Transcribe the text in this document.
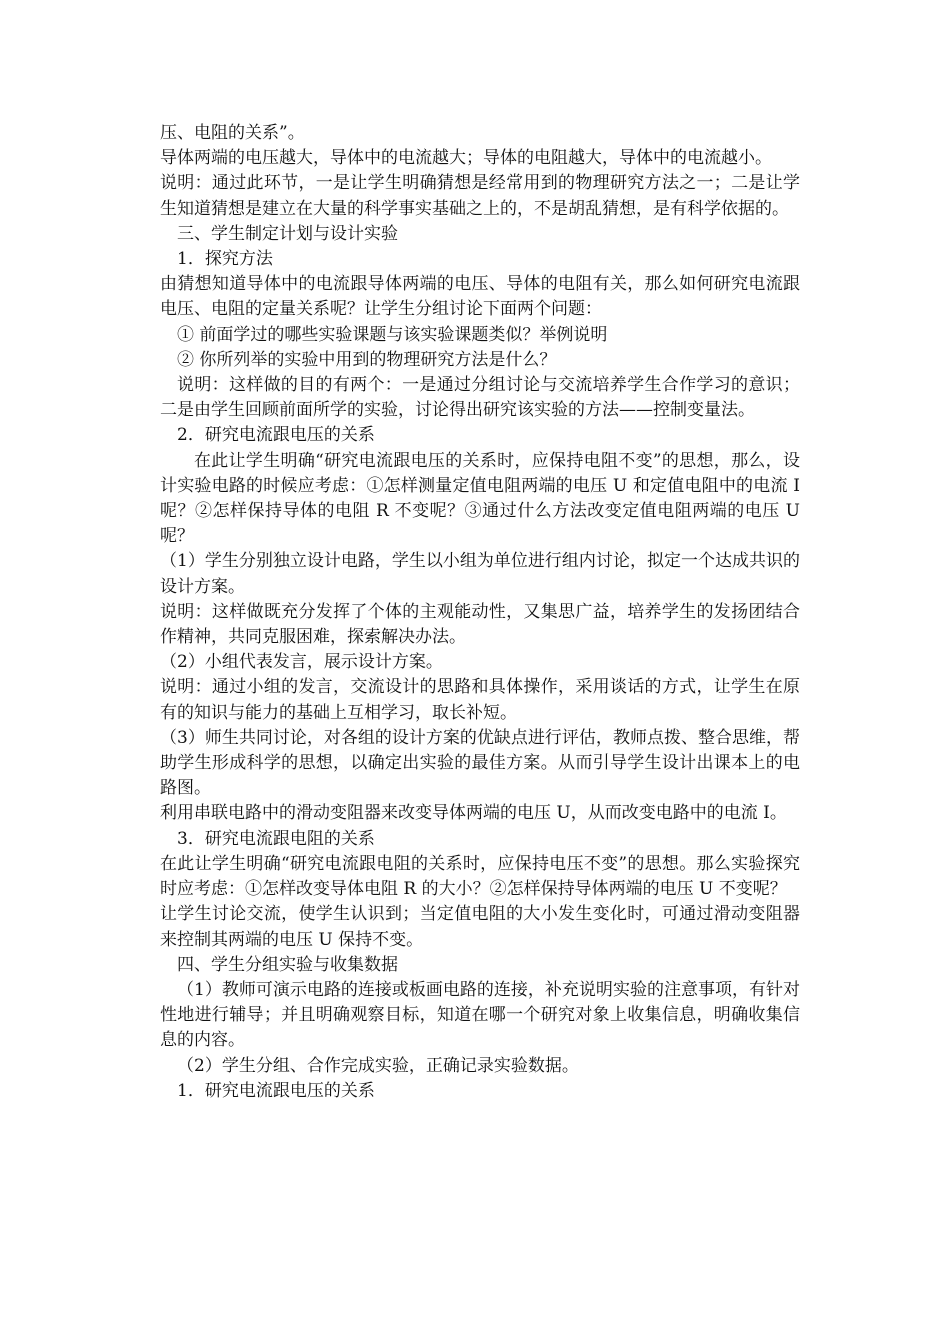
压、电阻的关系”。

导体两端的电压越大，导体中的电流越大；导体的电阻越大，导体中的电流越小。

说明：通过此环节，一是让学生明确猜想是经常用到的物理研究方法之一；二是让学生知道猜想是建立在大量的科学事实基础之上的，不是胡乱猜想，是有科学依据的。

三、学生制定计划与设计实验

1．探究方法

由猜想知道导体中的电流跟导体两端的电压、导体的电阻有关，那么如何研究电流跟电压、电阻的定量关系呢？让学生分组讨论下面两个问题：

① 前面学过的哪些实验课题与该实验课题类似？举例说明

② 你所列举的实验中用到的物理研究方法是什么？

说明：这样做的目的有两个：一是通过分组讨论与交流培养学生合作学习的意识；二是由学生回顾前面所学的实验，讨论得出研究该实验的方法——控制变量法。

2．研究电流跟电压的关系

在此让学生明确“研究电流跟电压的关系时，应保持电阻不变”的思想，那么，设计实验电路的时候应考虑：①怎样测量定值电阻两端的电压 U 和定值电阻中的电流 I 呢？②怎样保持导体的电阻 R 不变呢？③通过什么方法改变定值电阻两端的电压 U 呢？

（1）学生分别独立设计电路，学生以小组为单位进行组内讨论，拟定一个达成共识的设计方案。

说明：这样做既充分发挥了个体的主观能动性，又集思广益，培养学生的发扬团结合作精神，共同克服困难，探索解决办法。

（2）小组代表发言，展示设计方案。

说明：通过小组的发言，交流设计的思路和具体操作，采用谈话的方式，让学生在原有的知识与能力的基础上互相学习，取长补短。

（3）师生共同讨论，对各组的设计方案的优缺点进行评估，教师点拨、整合思维，帮助学生形成科学的思想，以确定出实验的最佳方案。从而引导学生设计出课本上的电路图。

利用串联电路中的滑动变阻器来改变导体两端的电压 U，从而改变电路中的电流 I。

3．研究电流跟电阻的关系

在此让学生明确“研究电流跟电阻的关系时，应保持电压不变”的思想。那么实验探究时应考虑：①怎样改变导体电阻 R 的大小？②怎样保持导体两端的电压 U 不变呢？

让学生讨论交流，使学生认识到；当定值电阻的大小发生变化时，可通过滑动变阻器来控制其两端的电压 U 保持不变。

四、学生分组实验与收集数据

（1）教师可演示电路的连接或板画电路的连接，补充说明实验的注意事项，有针对性地进行辅导；并且明确观察目标，知道在哪一个研究对象上收集信息，明确收集信息的内容。

（2）学生分组、合作完成实验，正确记录实验数据。

1．研究电流跟电压的关系
